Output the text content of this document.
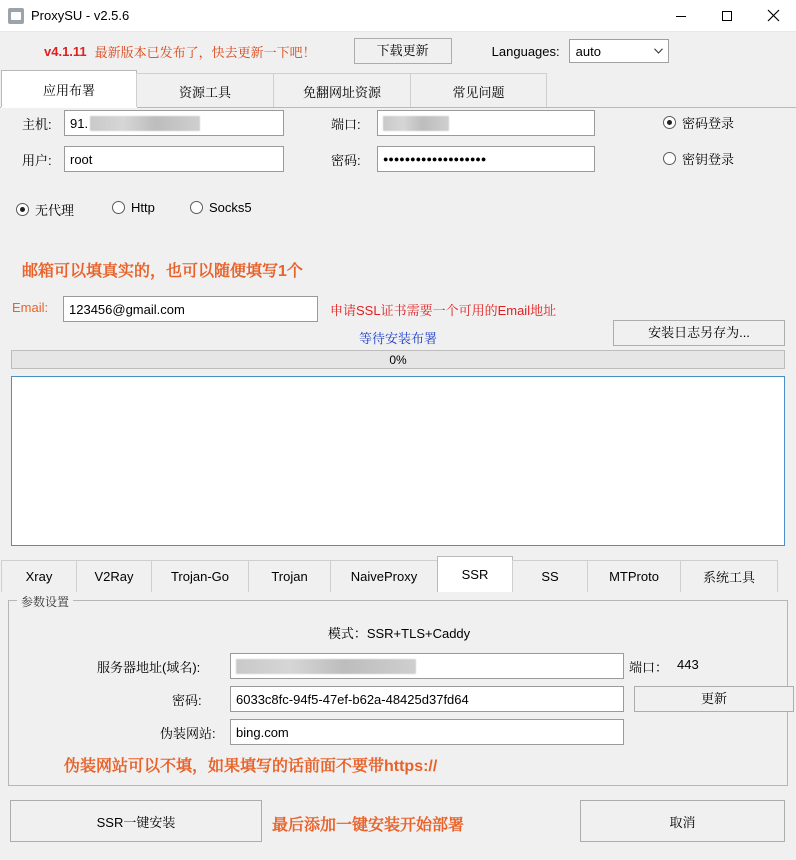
ProxySU - v2.5.6
v4.1.11 最新版本已发布了，快去更新一下吧！	下载更新	Languages:	auto
应用布署	资源工具	免翻网址资源	常见问题
主机: 91.	端口:	密码登录
用户: root	密码: ●●●●●●●●●●●●●●●●●●●	密钥登录
无代理	Http	Socks5
邮箱可以填真实的，也可以随便填写1个
Email: 123456@gmail.com	申请SSL证书需要一个可用的Email地址
等待安装布署	安装日志另存为...
0%
Xray	V2Ray	Trojan-Go	Trojan	NaiveProxy	SSR	SS	MTProto	系统工具
参数设置
模式：SSR+TLS+Caddy
服务器地址(域名):	端口： 443
密码:	6033c8fc-94f5-47ef-b62a-48425d37fd64	更新
伪装网站: bing.com
伪装网站可以不填，如果填写的话前面不要带https://
SSR一键安装	最后添加一键安装开始部署	取消
